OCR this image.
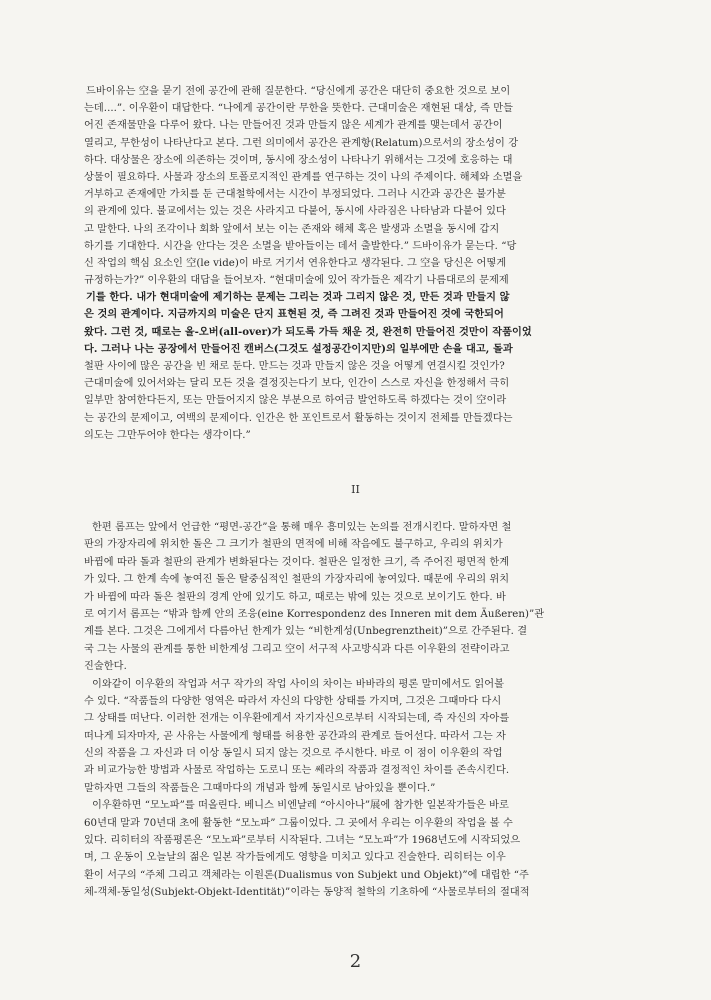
드바이유는 空을 묻기 전에 공간에 관해 질문한다. “당신에게 공간은 대단히 중요한 것으로 보이
는데....”. 이우환이 대답한다. “나에게 공간이란 무한을 뜻한다. 근대미술은 재현된 대상, 즉 만들
어진 존재물만을 다루어 왔다. 나는 만들어진 것과 만들지 않은 세계가 관계를 맺는데서 공간이
열리고, 무한성이 나타난다고 본다. 그런 의미에서 공간은 관계항(Relatum)으로서의 장소성이 강
하다. 대상물은 장소에 의존하는 것이며, 동시에 장소성이 나타나기 위해서는 그것에 호응하는 대
상물이 필요하다. 사물과 장소의 토폴로지적인 관계를 연구하는 것이 나의 주제이다. 해체와 소멸을
거부하고 존재에만 가치를 둔 근대철학에서는 시간이 부정되었다. 그러나 시간과 공간은 불가분
의 관계에 있다. 불교에서는 있는 것은 사라지고 다붙어, 동시에 사라짐은 나타남과 다붙어 있다
고 말한다. 나의 조각이나 회화 앞에서 보는 이는 존재와 해체 혹은 발생과 소멸을 동시에 갑지
하기를 기대한다. 시간을 안다는 것은 소멸을 받아들이는 데서 출발한다.” 드바이유가 묻는다. “당
신 작업의 핵심 요소인 空(le vide)이 바로 거기서 연유한다고 생각된다. 그 空을 당신은 어떻게
규정하는가?” 이우환의 대답을 들어보자. “현대미술에 있어 작가들은 제각기 나름대로의 문제제
기를 한다. 내가 현대미술에 제기하는 문제는 그리는 것과 그리지 않은 것, 만든 것과 만들지 않
은 것의 관계이다. 지금까지의 미술은 단지 표현된 것, 즉 그려진 것과 만들어진 것에 국한되어
왔다. 그런 것, 때로는 올-오버(all-over)가 되도록 가득 채운 것, 완전히 만들어진 것만이 작품이었
다. 그러나 나는 공장에서 만들어진 캔버스(그것도 설정공간이지만)의 일부에만 손을 대고, 돌과
철판 사이에 많은 공간을 빈 채로 둔다. 만드는 것과 만들지 않은 것을 어떻게 연결시킬 것인가?
근대미술에 있어서와는 달리 모든 것을 결정짓는다기 보다, 인간이 스스로 자신을 한정해서 극히
일부만 참여한다든지, 또는 만들어지지 않은 부분으로 하여금 발언하도록 하겠다는 것이 空이라
는 공간의 문제이고, 여백의 문제이다. 인간은 한 포인트로서 활동하는 것이지 전체를 만들겠다는
의도는 그만두어야 한다는 생각이다.”
II
한편 롬프는 앞에서 언급한 “평면-공간”을 통해 매우 흥미있는 논의를 전개시킨다. 말하자면 철
판의 가장자리에 위치한 돌은 그 크기가 철판의 면적에 비해 작음에도 불구하고, 우리의 위치가
바뀜에 따라 돌과 철판의 관계가 변화된다는 것이다. 철판은 일정한 크기, 즉 주어진 평면적 한계
가 있다. 그 한계 속에 놓여진 돌은 탈중심적인 철판의 가장자리에 놓여있다. 때문에 우리의 위치
가 바뀜에 따라 돌은 철판의 경계 안에 있기도 하고, 때로는 밖에 있는 것으로 보이기도 한다. 바
로 여기서 롬프는 “밖과 함께 안의 조응(eine Korrespondenz des Inneren mit dem Äußeren)”관
계를 본다. 그것은 그에게서 다름아닌 한계가 있는 “비한계성(Unbegrenztheit)”으로 간주된다. 결
국 그는 사물의 관계를 통한 비한계성 그리고 空이 서구적 사고방식과 다른 이우환의 전략이라고
진술한다.
이와같이 이우환의 작업과 서구 작가의 작업 사이의 차이는 바바라의 평론 말미에서도 읽어볼
수 있다. “작품들의 다양한 영역은 따라서 자신의 다양한 상태를 가지며, 그것은 그때마다 다시
그 상태를 떠난다. 이러한 전개는 이우환에게서 자기자신으로부터 시작되는데, 즉 자신의 자아를
떠나게 되자마자, 곧 사유는 사물에게 형태를 허용한 공간과의 관계로 들어선다. 따라서 그는 자
신의 작품을 그 자신과 더 이상 동일시 되지 않는 것으로 주시한다. 바로 이 점이 이우환의 작업
과 비교가능한 방법과 사물로 작업하는 도로니 또는 쎄라의 작품과 결정적인 차이를 존속시킨다.
말하자면 그들의 작품들은 그때마다의 개념과 함께 동일시로 남아있을 뿐이다.”
이우환하면 “모노파”를 떠올린다. 베니스 비엔날레 “아시아나”展에 참가한 일본작가들은 바로
60년대 말과 70년대 초에 활동한 “모노파” 그룹이었다. 그 곳에서 우리는 이우환의 작업을 볼 수
있다. 리히터의 작품평론은 “모노파”로부터 시작된다. 그녀는 “모노파”가 1968년도에 시작되었으
며, 그 운동이 오늘날의 젊은 일본 작가들에게도 영향을 미치고 있다고 진술한다. 리히터는 이우
환이 서구의 “주체 그리고 객체라는 이원론(Dualismus von Subjekt und Objekt)”에 대립한 “주
체-객체-동일성(Subjekt-Objekt-Identität)”이라는 동양적 철학의 기초하에 “사물로부터의 절대적
2
